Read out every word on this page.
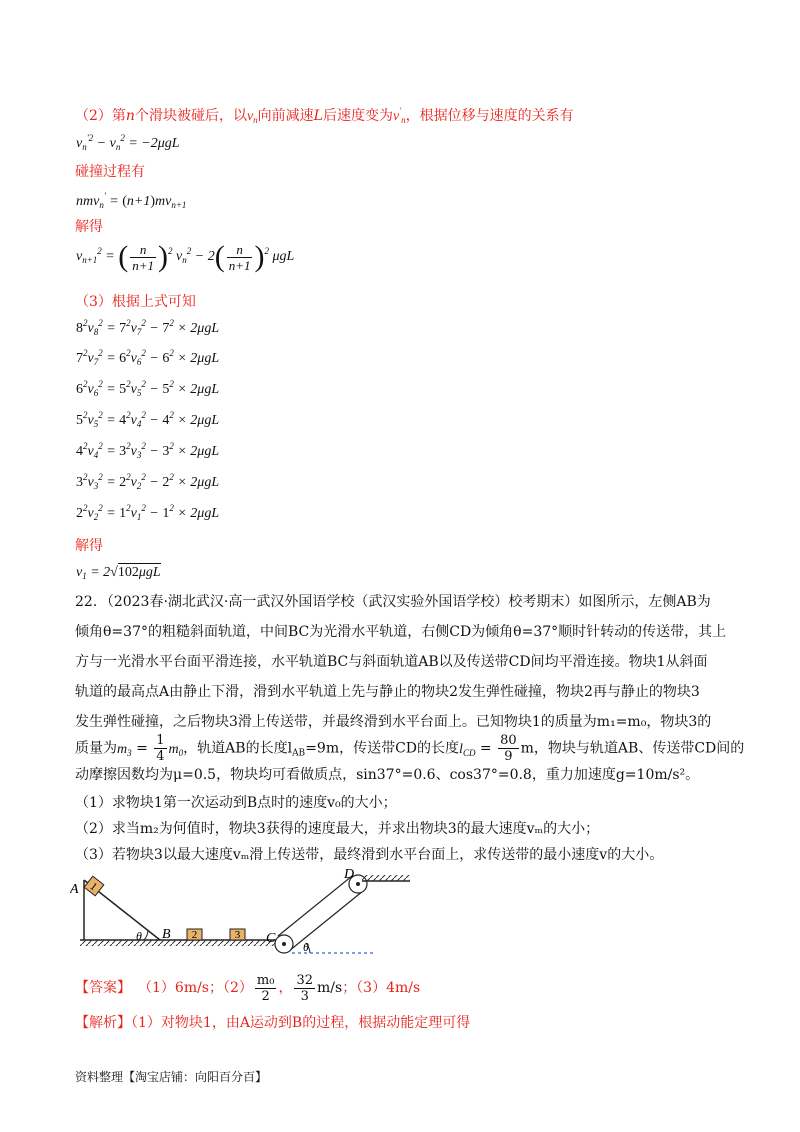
（2）第n个滑块被碰后，以$v_n$向前减速L后速度变为$v'_n$，根据位移与速度的关系有
$v_n^{'2} - v_n^2 = -2\mu gL$
碰撞过程有
$nmv_n' = (n+1)mv_{n+1}$
解得
$v_{n+1}^2$ = ( $\frac{n}{n+1} )^2$ $v_n^2 - 2( \frac{n}{n+1} )^2$ μgL
（3）根据上式可知
$8^2v_8^2 = 7^2v_7^2 - 7^2 \times 2\mu gL$
$7^2v_7^2 = 6^2v_6^2 - 6^2 \times 2\mu gL$
$6^2v_6^2 = 5^2v_5^2 - 5^2 \times 2\mu gL$
$5^2v_5^2 = 4^2v_4^2 - 4^2 \times 2\mu gL$
$4^2v_4^2 = 3^2v_3^2 - 3^2 \times 2\mu gL$
$3^2v_3^2 = 2^2v_2^2 - 2^2 \times 2\mu gL$
$2^2v_2^2 = 1^2v_1^2 - 1^2 \times 2\mu gL$
解得
$v_1 = 2√102\mu gL$
22．（2023春·湖北武汉·高一武汉外国语学校（武汉实验外国语学校）校考期末）如图所示，左侧AB为
倾角θ=37°的粗糙斜面轨道，中间BC为光滑水平轨道，右侧CD为倾角θ=37°顺时针转动的传送带，其上
方与一光滑水平台面平滑连接，水平轨道BC与斜面轨道AB以及传送带CD间均平滑连接。物块1从斜面
轨道的最高点A由静止下滑，滑到水平轨道上先与静止的物块2发生弹性碰撞，物块2再与静止的物块3
发生弹性碰撞，之后物块3滑上传送带，并最终滑到水平台面上。已知物块1的质量为m₁=m₀，物块3的
质量为$m_3 = \frac{1}{4} m_0$，轨道AB的长度$l_{AB}=9m$，传送带CD的长度$l_{CD} = \frac{80}{9}$ m，物块与轨道AB、传送带CD间的
动摩擦因数均为μ=0.5，物块均可看做质点，sin37°=0.6、cos37°=0.8，重力加速度g=10m/s²。
（1）求物块1第一次运动到B点时的速度v₀的大小；
（2）求当m₂为何值时，物块3获得的速度最大，并求出物块3的最大速度vₘ的大小；
（3）若物块3以最大速度vₘ滑上传送带，最终滑到水平台面上，求传送带的最小速度v的大小。
1
2	3
A
B
θ	C
D
θ
【答案】 （1）6m/s；$(2) \frac{\text{m₀}}{2}$ ， $\frac{32}{3} m/s$；（3）4m/s
【解析】（1）对物块1，由A运动到B的过程，根据动能定理可得
资料整理【淘宝店铺：向阳百分百】
